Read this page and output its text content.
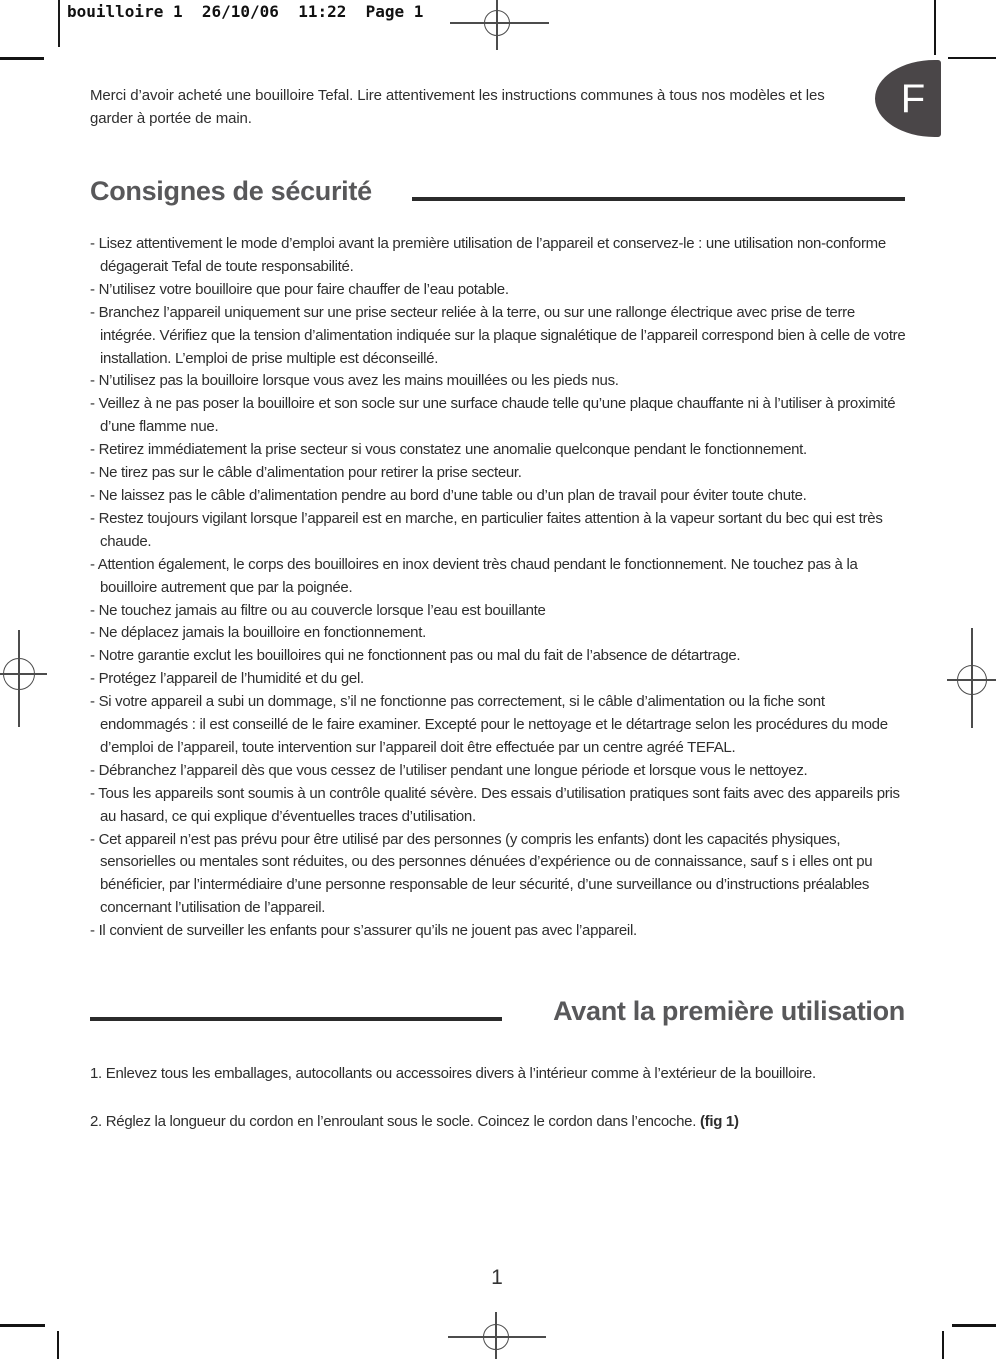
bouilloire 1  26/10/06  11:22  Page 1
F

Merci d’avoir acheté une bouilloire Tefal. Lire attentivement les instructions communes à tous nos modèles et les garder à portée de main.

Consignes de sécurité
- Lisez attentivement le mode d’emploi avant la première utilisation de l’appareil et conservez-le : une utilisation non-conforme dégagerait Tefal de toute responsabilité.
- N’utilisez votre bouilloire que pour faire chauffer de l’eau potable.
- Branchez l’appareil uniquement sur une prise secteur reliée à la terre, ou sur une rallonge électrique avec prise de terre intégrée. Vérifiez que la tension d’alimentation indiquée sur la plaque signalétique de l’appareil correspond bien à celle de votre installation. L’emploi de prise multiple est déconseillé.
- N’utilisez pas la bouilloire lorsque vous avez les mains mouillées ou les pieds nus.
- Veillez à ne pas poser la bouilloire et son socle sur une surface chaude telle qu’une plaque chauffante ni à l’utiliser à proximité d’une flamme nue.
- Retirez immédiatement la prise secteur si vous constatez une anomalie quelconque pendant le fonctionnement.
- Ne tirez pas sur le câble d’alimentation pour retirer la prise secteur.
- Ne laissez pas le câble d’alimentation pendre au bord d’une table ou d’un plan de travail pour éviter toute chute.
- Restez toujours vigilant lorsque l’appareil est en marche, en particulier faites attention à la vapeur sortant du bec qui est très chaude.
- Attention également, le corps des bouilloires en inox devient très chaud pendant le fonctionnement. Ne touchez pas à la bouilloire autrement que par la poignée.
- Ne touchez jamais au filtre ou au couvercle lorsque l’eau est bouillante
- Ne déplacez jamais la bouilloire en fonctionnement.
- Notre garantie exclut les bouilloires qui ne fonctionnent pas ou mal du fait de l’absence de détartrage.
- Protégez l’appareil de l’humidité et du gel.
- Si votre appareil a subi un dommage, s’il ne fonctionne pas correctement, si le câble d’alimentation ou la fiche sont endommagés : il est conseillé de le faire examiner. Excepté pour le nettoyage et le détartrage selon les procédures du mode d’emploi de l’appareil, toute intervention sur l’appareil doit être effectuée par un centre agréé TEFAL.
- Débranchez l’appareil dès que vous cessez de l’utiliser pendant une longue période et lorsque vous le nettoyez.
- Tous les appareils sont soumis à un contrôle qualité sévère. Des essais d’utilisation pratiques sont faits avec des appareils pris au hasard, ce qui explique d’éventuelles traces d’utilisation.
- Cet appareil n’est pas prévu pour être utilisé par des personnes (y compris les enfants) dont les capacités physiques, sensorielles ou mentales sont réduites, ou des personnes dénuées d’expérience ou de connaissance, sauf s i elles ont pu bénéficier, par l’intermédiaire d’une personne responsable de leur sécurité, d’une surveillance ou d’instructions préalables concernant l’utilisation de l’appareil.
- Il convient de surveiller les enfants pour s’assurer qu’ils ne jouent pas avec l’appareil.
Avant la première utilisation

1. Enlevez tous les emballages, autocollants ou accessoires divers à l’intérieur comme à l’extérieur de la bouilloire.

2. Réglez la longueur du cordon en l’enroulant sous le socle. Coincez le cordon dans l’encoche. (fig 1)

1
